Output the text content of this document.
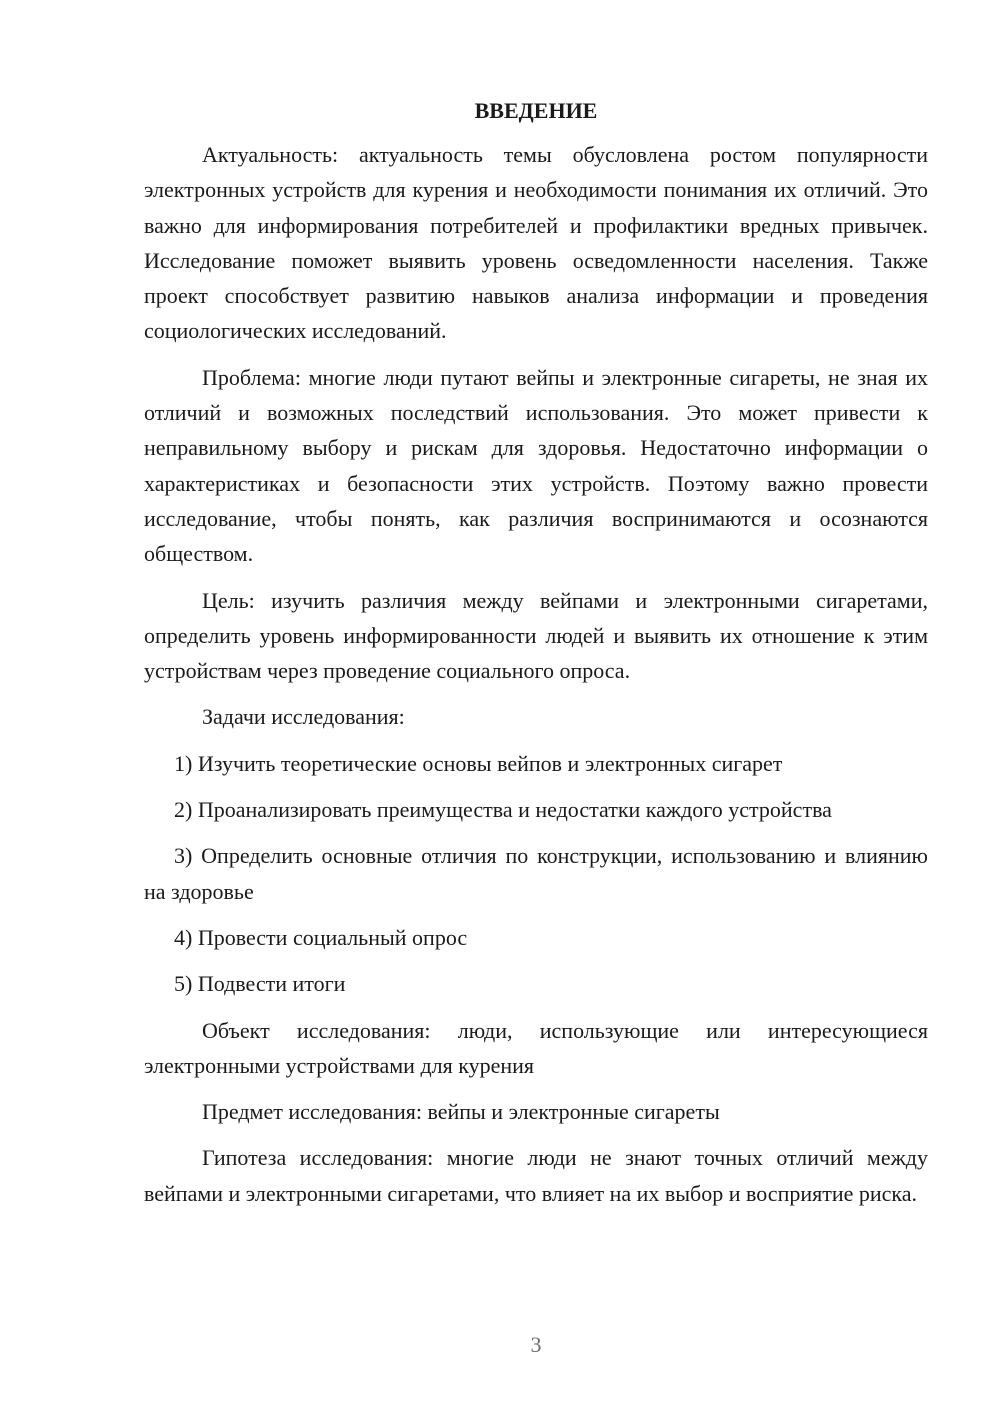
ВВЕДЕНИЕ

Актуальность: актуальность темы обусловлена ростом популярности электронных устройств для курения и необходимости понимания их отличий. Это важно для информирования потребителей и профилактики вредных привычек. Исследование поможет выявить уровень осведомленности населения. Также проект способствует развитию навыков анализа информации и проведения социологических исследований.

Проблема: многие люди путают вейпы и электронные сигареты, не зная их отличий и возможных последствий использования. Это может привести к неправильному выбору и рискам для здоровья. Недостаточно информации о характеристиках и безопасности этих устройств. Поэтому важно провести исследование, чтобы понять, как различия воспринимаются и осознаются обществом.

Цель: изучить различия между вейпами и электронными сигаретами, определить уровень информированности людей и выявить их отношение к этим устройствам через проведение социального опроса.

Задачи исследования:

1) Изучить теоретические основы вейпов и электронных сигарет

2) Проанализировать преимущества и недостатки каждого устройства

3) Определить основные отличия по конструкции, использованию и влиянию на здоровье

4) Провести социальный опрос

5) Подвести итоги

Объект исследования: люди, использующие или интересующиеся электронными устройствами для курения

Предмет исследования: вейпы и электронные сигареты

Гипотеза исследования: многие люди не знают точных отличий между вейпами и электронными сигаретами, что влияет на их выбор и восприятие риска.

3
